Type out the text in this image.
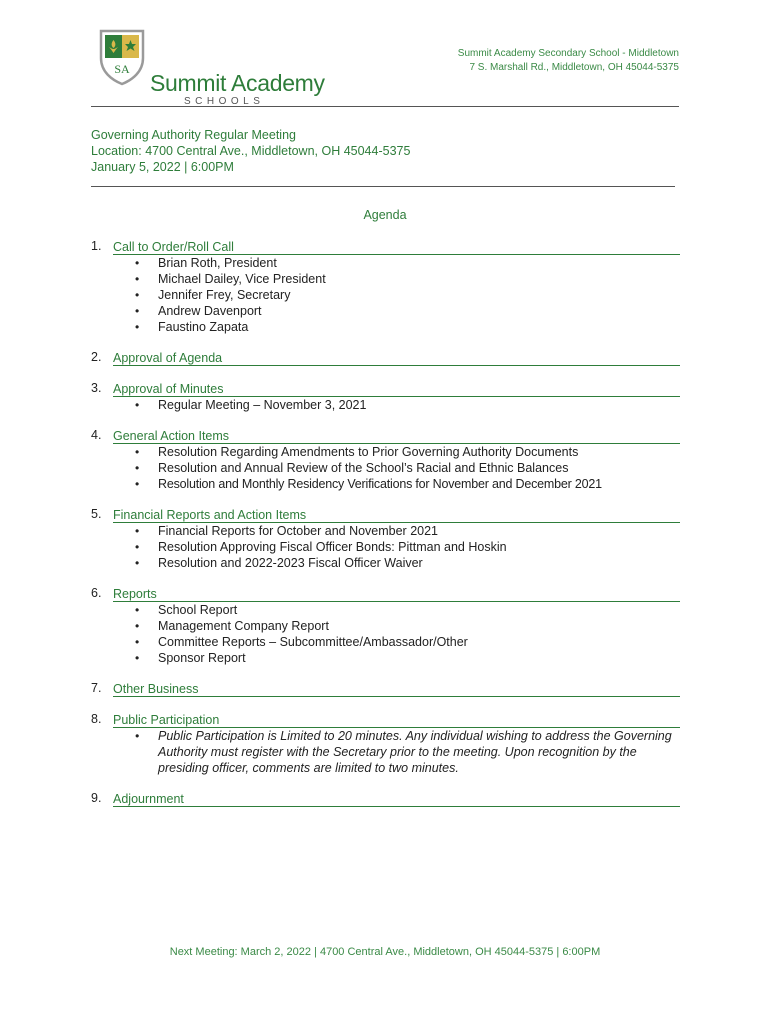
SA
Summit Academy
SCHOOLS
Summit Academy Secondary School - Middletown
7 S. Marshall Rd., Middletown, OH 45044-5375
Governing Authority Regular Meeting
Location: 4700 Central Ave., Middletown, OH 45044-5375
January 5, 2022 | 6:00PM
Agenda
1. Call to Order/Roll Call
• Brian Roth, President
• Michael Dailey, Vice President
• Jennifer Frey, Secretary
• Andrew Davenport
• Faustino Zapata
2. Approval of Agenda
3. Approval of Minutes
• Regular Meeting – November 3, 2021
4. General Action Items
• Resolution Regarding Amendments to Prior Governing Authority Documents
• Resolution and Annual Review of the School’s Racial and Ethnic Balances
• Resolution and Monthly Residency Verifications for November and December 2021
5. Financial Reports and Action Items
• Financial Reports for October and November 2021
• Resolution Approving Fiscal Officer Bonds: Pittman and Hoskin
• Resolution and 2022-2023 Fiscal Officer Waiver
6. Reports
• School Report
• Management Company Report
• Committee Reports – Subcommittee/Ambassador/Other
• Sponsor Report
7. Other Business
8. Public Participation
• Public Participation is Limited to 20 minutes. Any individual wishing to address the Governing Authority must register with the Secretary prior to the meeting. Upon recognition by the presiding officer, comments are limited to two minutes.
9. Adjournment
Next Meeting: March 2, 2022 | 4700 Central Ave., Middletown, OH 45044-5375 | 6:00PM
